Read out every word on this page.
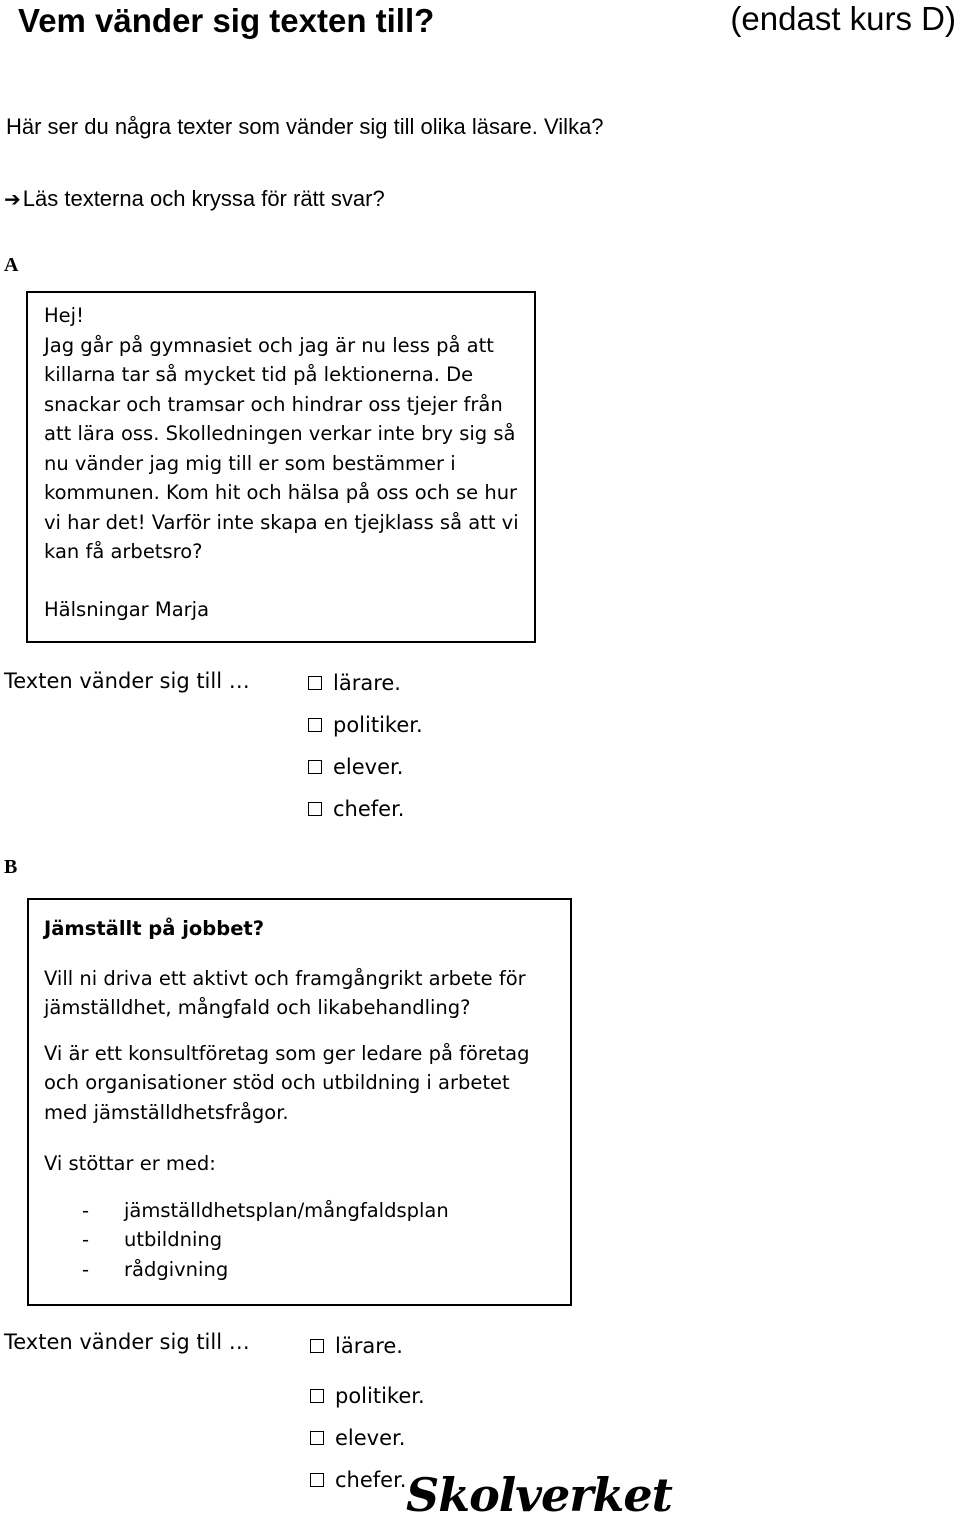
Vem vänder sig texten till?	(endast kurs D)
Här ser du några texter som vänder sig till olika läsare. Vilka?
➔Läs texterna och kryssa för rätt svar?
A
Hej!
Jag går på gymnasiet och jag är nu less på att
killarna tar så mycket tid på lektionerna. De
snackar och tramsar och hindrar oss tjejer från
att lära oss. Skolledningen verkar inte bry sig så
nu vänder jag mig till er som bestämmer i
kommunen. Kom hit och hälsa på oss och se hur
vi har det! Varför inte skapa en tjejklass så att vi
kan få arbetsro?
Hälsningar Marja
Texten vänder sig till …	lärare.
politiker.
elever.
chefer.
B

Jämställt på jobbet?

Vill ni driva ett aktivt och framgångrikt arbete för

jämställdhet, mångfald och likabehandling?

Vi är ett konsultföretag som ger ledare på företag

och organisationer stöd och utbildning i arbetet

med jämställdhetsfrågor.

Vi stöttar er med:

- jämställdhetsplan/mångfaldsplan
- utbildning
- rådgivning
Texten vänder sig till …	lärare.
politiker.
elever.
chefer. Skolverket
